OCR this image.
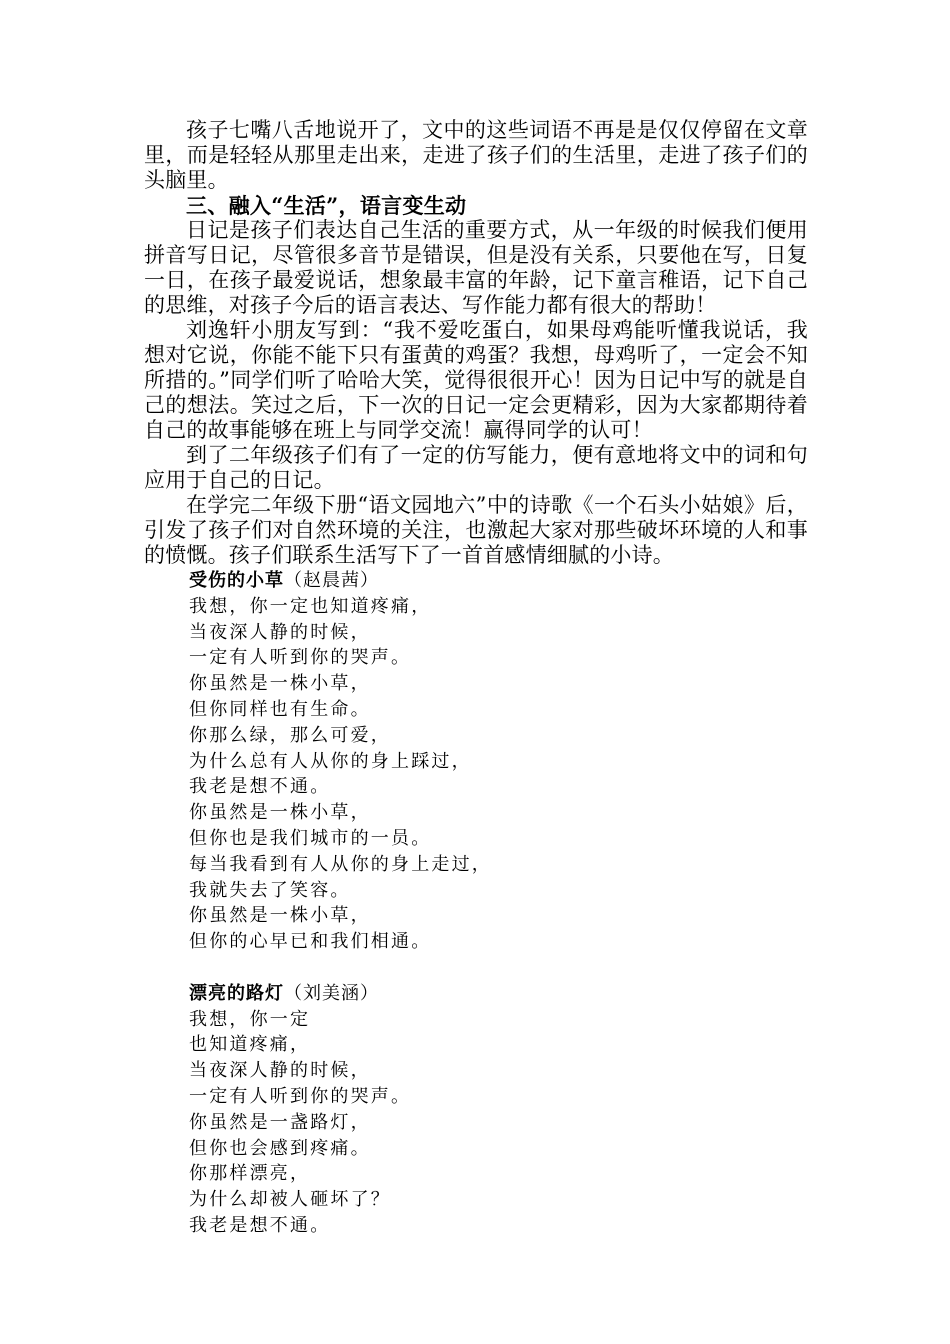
孩子七嘴八舌地说开了，文中的这些词语不再是是仅仅停留在文章里，而是轻轻从那里走出来，走进了孩子们的生活里，走进了孩子们的头脑里。

三、融入“生活”，语言变生动

日记是孩子们表达自己生活的重要方式，从一年级的时候我们便用拼音写日记，尽管很多音节是错误，但是没有关系，只要他在写，日复一日，在孩子最爱说话，想象最丰富的年龄，记下童言稚语，记下自己的思维，对孩子今后的语言表达、写作能力都有很大的帮助！

刘逸轩小朋友写到：“我不爱吃蛋白，如果母鸡能听懂我说话，我想对它说，你能不能下只有蛋黄的鸡蛋？我想，母鸡听了，一定会不知所措的。”同学们听了哈哈大笑，觉得很很开心！因为日记中写的就是自己的想法。笑过之后，下一次的日记一定会更精彩，因为大家都期待着自己的故事能够在班上与同学交流！赢得同学的认可！

到了二年级孩子们有了一定的仿写能力，便有意地将文中的词和句应用于自己的日记。

在学完二年级下册“语文园地六”中的诗歌《一个石头小姑娘》后，引发了孩子们对自然环境的关注，也激起大家对那些破坏环境的人和事的愤慨。孩子们联系生活写下了一首首感情细腻的小诗。

受伤的小草（赵晨茜）
我想，你一定也知道疼痛，
当夜深人静的时候，
一定有人听到你的哭声。
你虽然是一株小草，
但你同样也有生命。
你那么绿，那么可爱，
为什么总有人从你的身上踩过，
我老是想不通。
你虽然是一株小草，
但你也是我们城市的一员。
每当我看到有人从你的身上走过，
我就失去了笑容。
你虽然是一株小草，
但你的心早已和我们相通。
漂亮的路灯（刘美涵）
我想，你一定
也知道疼痛，
当夜深人静的时候，
一定有人听到你的哭声。
你虽然是一盏路灯，
但你也会感到疼痛。
你那样漂亮，
为什么却被人砸坏了？
我老是想不通。
